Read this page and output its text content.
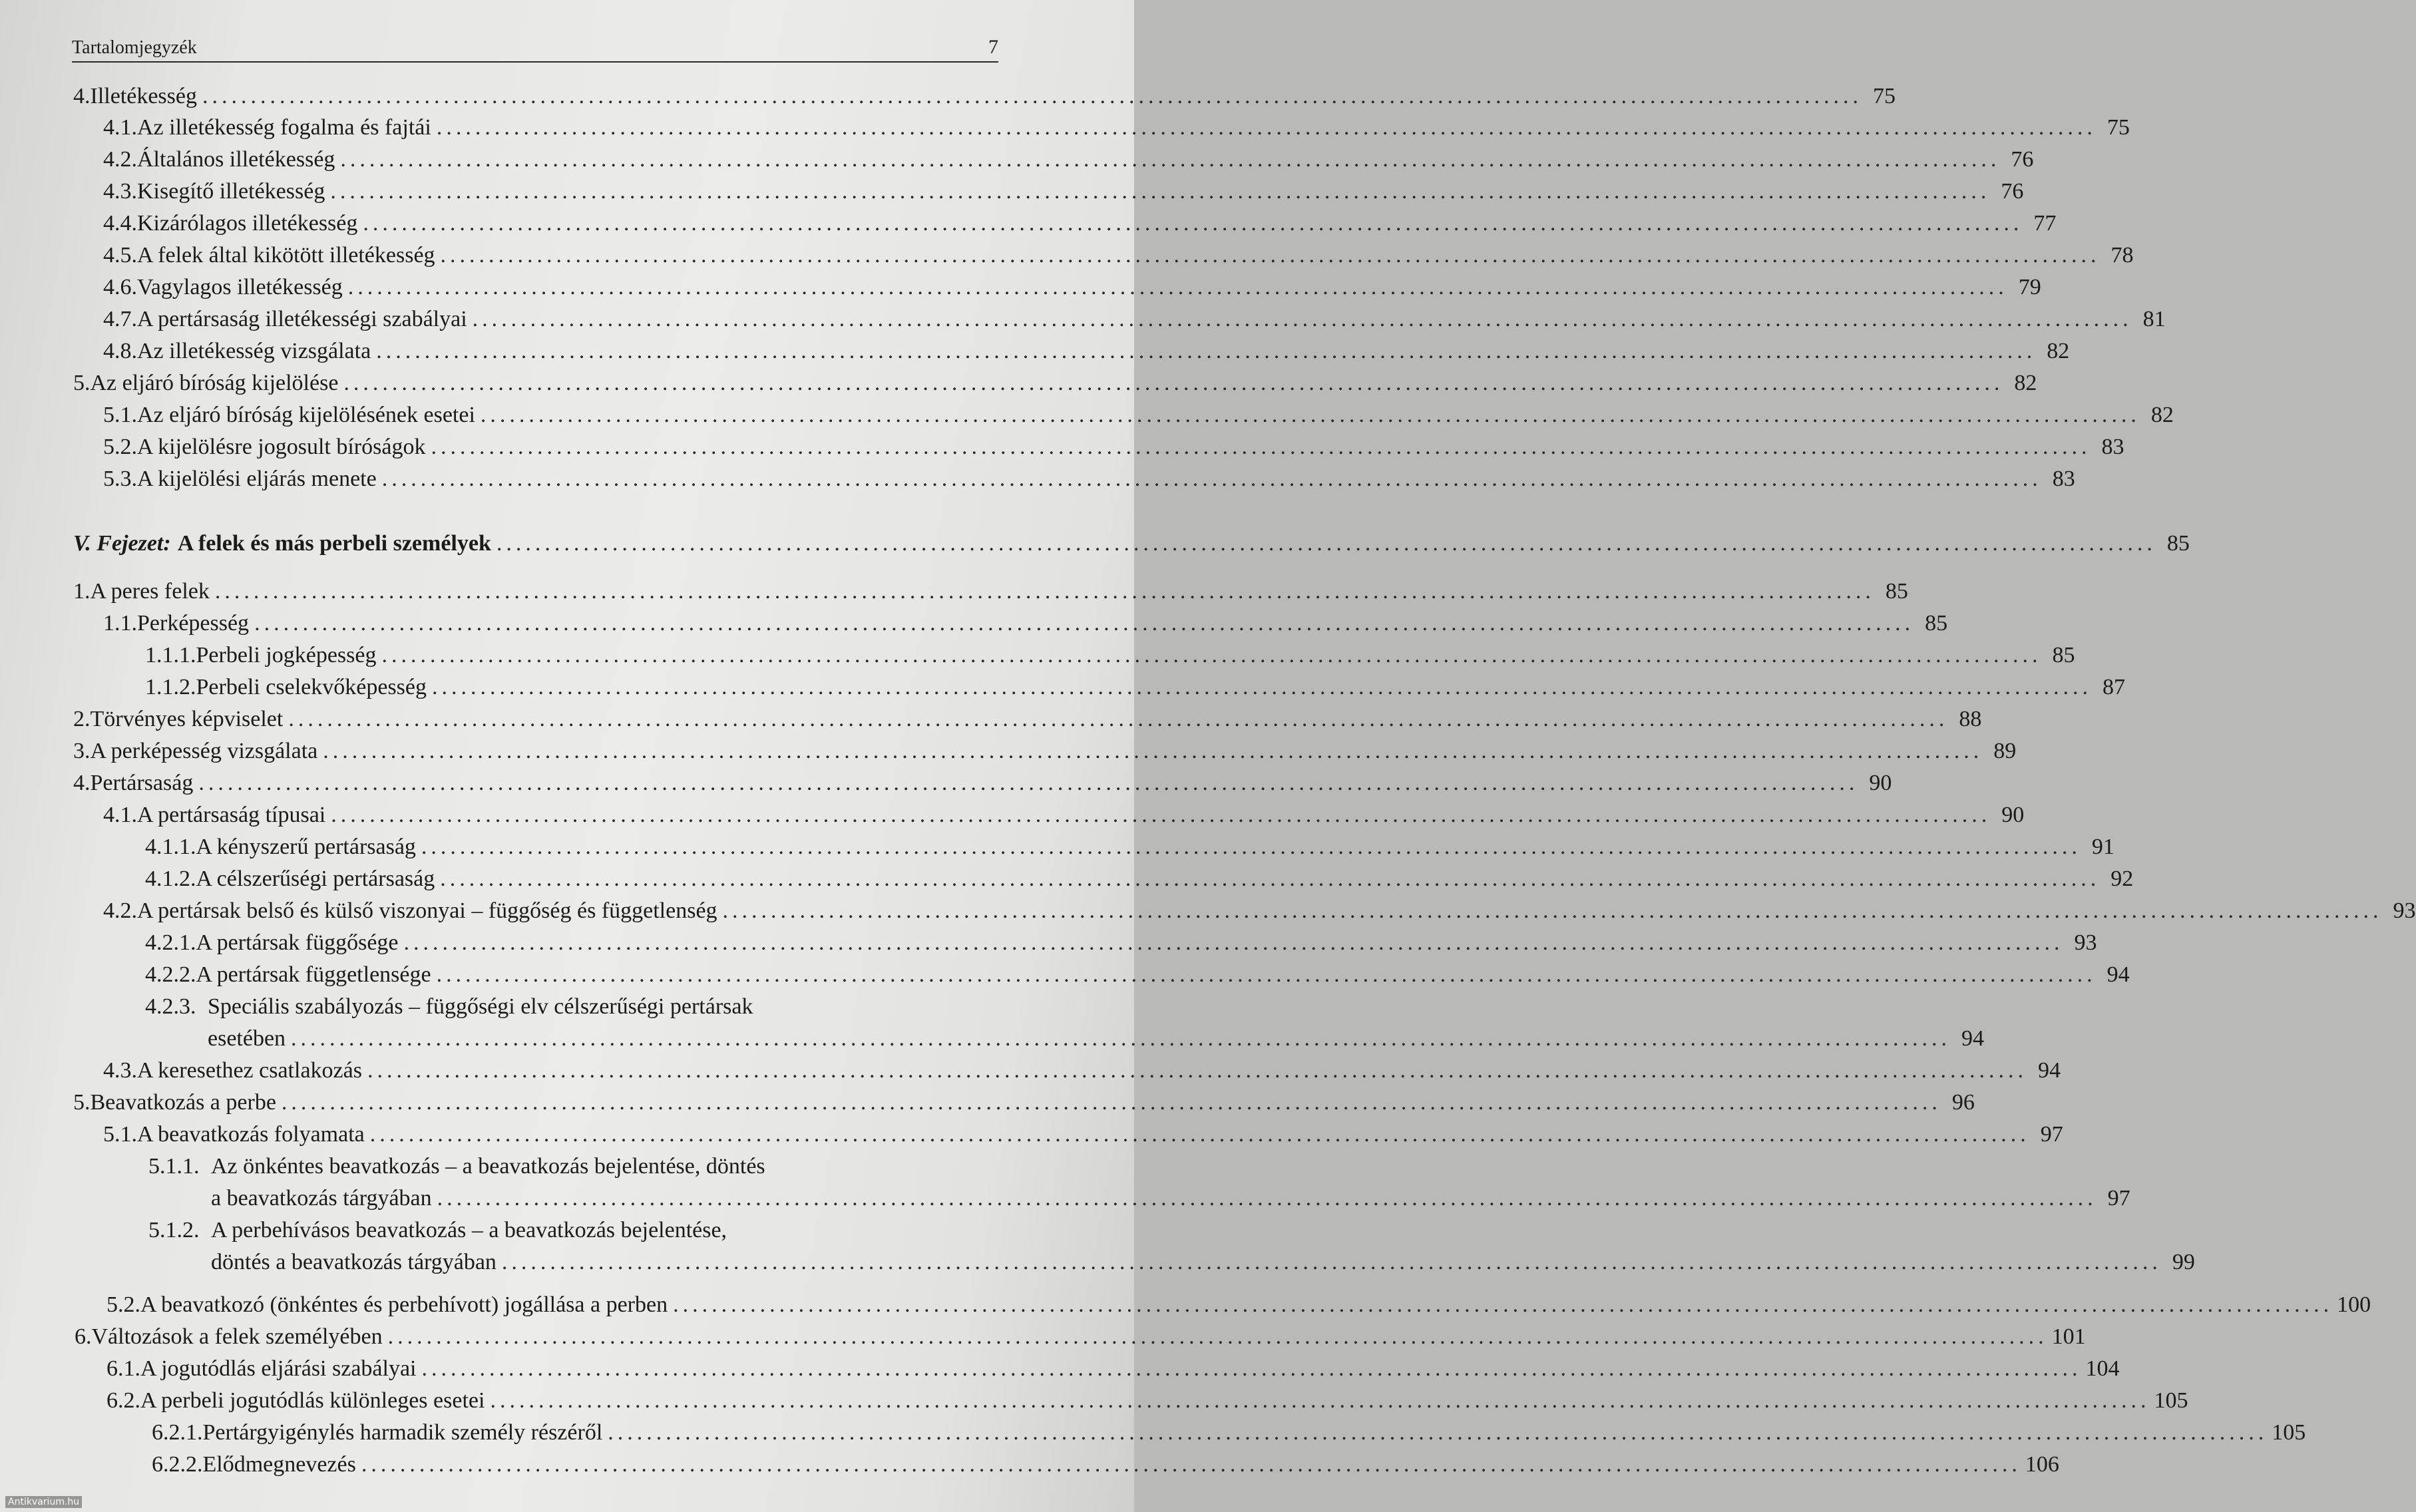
Tartalomjegyzék	7
4. Illetékesség ............................................................................................................................................................................ 75
4.1. Az illetékesség fogalma és fajtái ............................................................................................................................................................................ 75
4.2. Általános illetékesség ............................................................................................................................................................................ 76
4.3. Kisegítő illetékesség ............................................................................................................................................................................ 76
4.4. Kizárólagos illetékesség ............................................................................................................................................................................ 77
4.5. A felek által kikötött illetékesség ............................................................................................................................................................................ 78
4.6. Vagylagos illetékesség ............................................................................................................................................................................ 79
4.7. A pertársaság illetékességi szabályai ............................................................................................................................................................................ 81
4.8. Az illetékesség vizsgálata ............................................................................................................................................................................ 82
5. Az eljáró bíróság kijelölése ............................................................................................................................................................................ 82
5.1. Az eljáró bíróság kijelölésének esetei ............................................................................................................................................................................ 82
5.2. A kijelölésre jogosult bíróságok ............................................................................................................................................................................ 83
5.3. A kijelölési eljárás menete ............................................................................................................................................................................ 83
V. Fejezet: A felek és más perbeli személyek ............................................................................................................................................................................ 85
1. A peres felek ............................................................................................................................................................................ 85
1.1. Perképesség ............................................................................................................................................................................ 85
1.1.1. Perbeli jogképesség ............................................................................................................................................................................ 85
1.1.2. Perbeli cselekvőképesség ............................................................................................................................................................................ 87
2. Törvényes képviselet ............................................................................................................................................................................ 88
3. A perképesség vizsgálata ............................................................................................................................................................................ 89
4. Pertársaság ............................................................................................................................................................................ 90
4.1. A pertársaság típusai ............................................................................................................................................................................ 90
4.1.1. A kényszerű pertársaság ............................................................................................................................................................................ 91
4.1.2. A célszerűségi pertársaság ............................................................................................................................................................................ 92
4.2. A pertársak belső és külső viszonyai – függőség és függetlenség ............................................................................................................................................................................ 93
4.2.1. A pertársak függősége ............................................................................................................................................................................ 93
4.2.2. A pertársak függetlensége ............................................................................................................................................................................ 94
4.2.3. Speciális szabályozás – függőségi elv célszerűségi pertársak
esetében ............................................................................................................................................................................ 94
4.3. A keresethez csatlakozás ............................................................................................................................................................................ 94
5. Beavatkozás a perbe ............................................................................................................................................................................ 96
5.1. A beavatkozás folyamata ............................................................................................................................................................................ 97
5.1.1. Az önkéntes beavatkozás – a beavatkozás bejelentése, döntés
a beavatkozás tárgyában ............................................................................................................................................................................ 97
5.1.2. A perbehívásos beavatkozás – a beavatkozás bejelentése,
döntés a beavatkozás tárgyában ............................................................................................................................................................................ 99
5.2. A beavatkozó (önkéntes és perbehívott) jogállása a perben ............................................................................................................................................................................ 100
6. Változások a felek személyében ............................................................................................................................................................................ 101
6.1. A jogutódlás eljárási szabályai ............................................................................................................................................................................ 104
6.2. A perbeli jogutódlás különleges esetei ............................................................................................................................................................................ 105
6.2.1. Pertárgyigénylés harmadik személy részéről ............................................................................................................................................................................ 105
6.2.2. Elődmegnevezés ............................................................................................................................................................................ 106
Antikvarium.hu
